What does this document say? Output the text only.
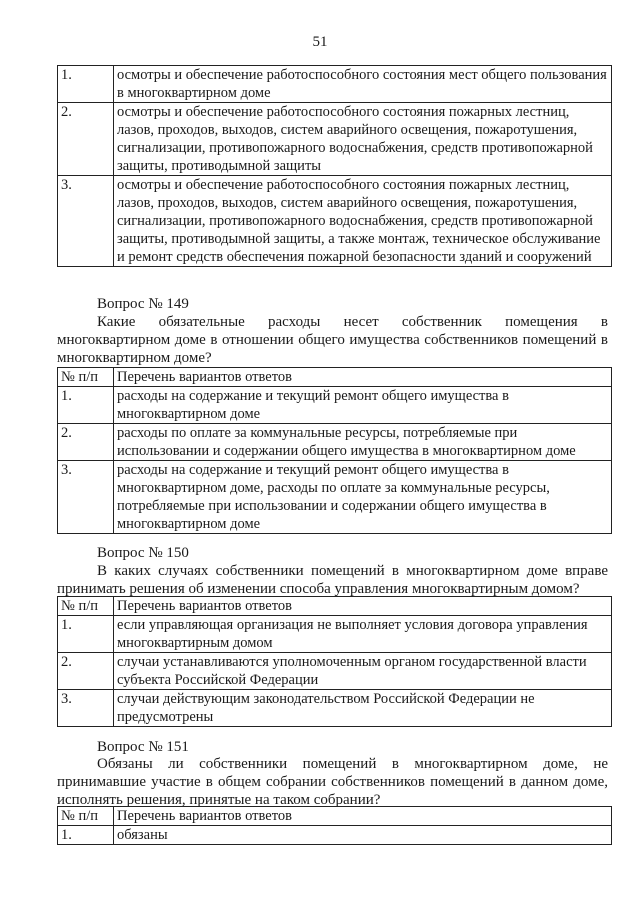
51
1.	осмотры и обеспечение работоспособного состояния мест общего пользования в многоквартирном доме
2.	осмотры и обеспечение работоспособного состояния пожарных лестниц, лазов, проходов, выходов, систем аварийного освещения, пожаротушения, сигнализации, противопожарного водоснабжения, средств противопожарной защиты, противодымной защиты
3.	осмотры и обеспечение работоспособного состояния пожарных лестниц, лазов, проходов, выходов, систем аварийного освещения, пожаротушения, сигнализации, противопожарного водоснабжения, средств противопожарной защиты, противодымной защиты, а также монтаж, техническое обслуживание и ремонт средств обеспечения пожарной безопасности зданий и сооружений
Вопрос № 149
Какие обязательные расходы несет собственник помещения в многоквартирном доме в отношении общего имущества собственников помещений в многоквартирном доме?
№ п/п	Перечень вариантов ответов
1.	расходы на содержание и текущий ремонт общего имущества в многоквартирном доме
2.	расходы по оплате за коммунальные ресурсы, потребляемые при использовании и содержании общего имущества в многоквартирном доме
3.	расходы на содержание и текущий ремонт общего имущества в многоквартирном доме, расходы по оплате за коммунальные ресурсы, потребляемые при использовании и содержании общего имущества в многоквартирном доме
Вопрос № 150
В каких случаях собственники помещений в многоквартирном доме вправе принимать решения об изменении способа управления многоквартирным домом?
№ п/п	Перечень вариантов ответов
1.	если управляющая организация не выполняет условия договора управления многоквартирным домом
2.	случаи устанавливаются уполномоченным органом государственной власти субъекта Российской Федерации
3.	случаи действующим законодательством Российской Федерации не предусмотрены
Вопрос № 151
Обязаны ли собственники помещений в многоквартирном доме, не принимавшие участие в общем собрании собственников помещений в данном доме, исполнять решения, принятые на таком собрании?
№ п/п	Перечень вариантов ответов
1.	обязаны
